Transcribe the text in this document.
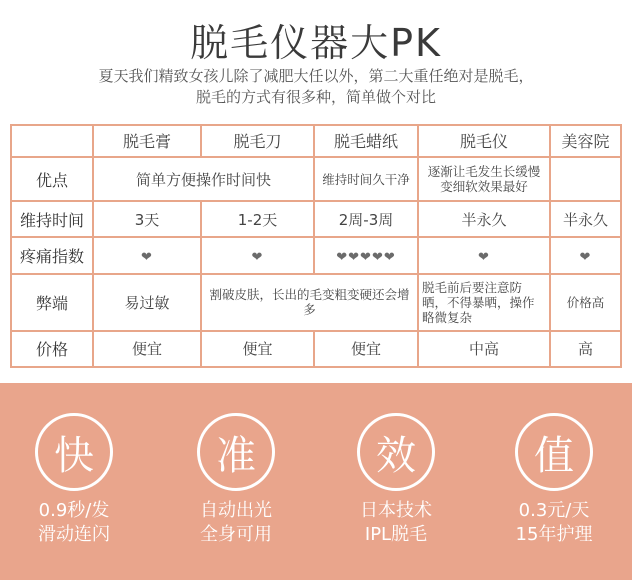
脱毛仪器大PK
夏天我们精致女孩儿除了减肥大任以外，第二大重任绝对是脱毛，
脱毛的方式有很多种，简单做个对比
	脱毛膏	脱毛刀	脱毛蜡纸	脱毛仪	美容院
优点	简单方便操作时间快		维持时间久干净	逐渐让毛发生长缓慢变细软效果最好	
维持时间	3天	1-2天	2周-3周	半永久	半永久
疼痛指数	❤	❤	❤❤❤❤❤	❤	❤
弊端	易过敏	割破皮肤，长出的毛变粗变硬还会增多		脱毛前后要注意防晒，不得暴晒，操作略微复杂	价格高
价格	便宜	便宜	便宜	中高	高
快
0.9秒/发
滑动连闪
准
自动出光
全身可用
效
日本技术
IPL脱毛
值
0.3元/天
15年护理
